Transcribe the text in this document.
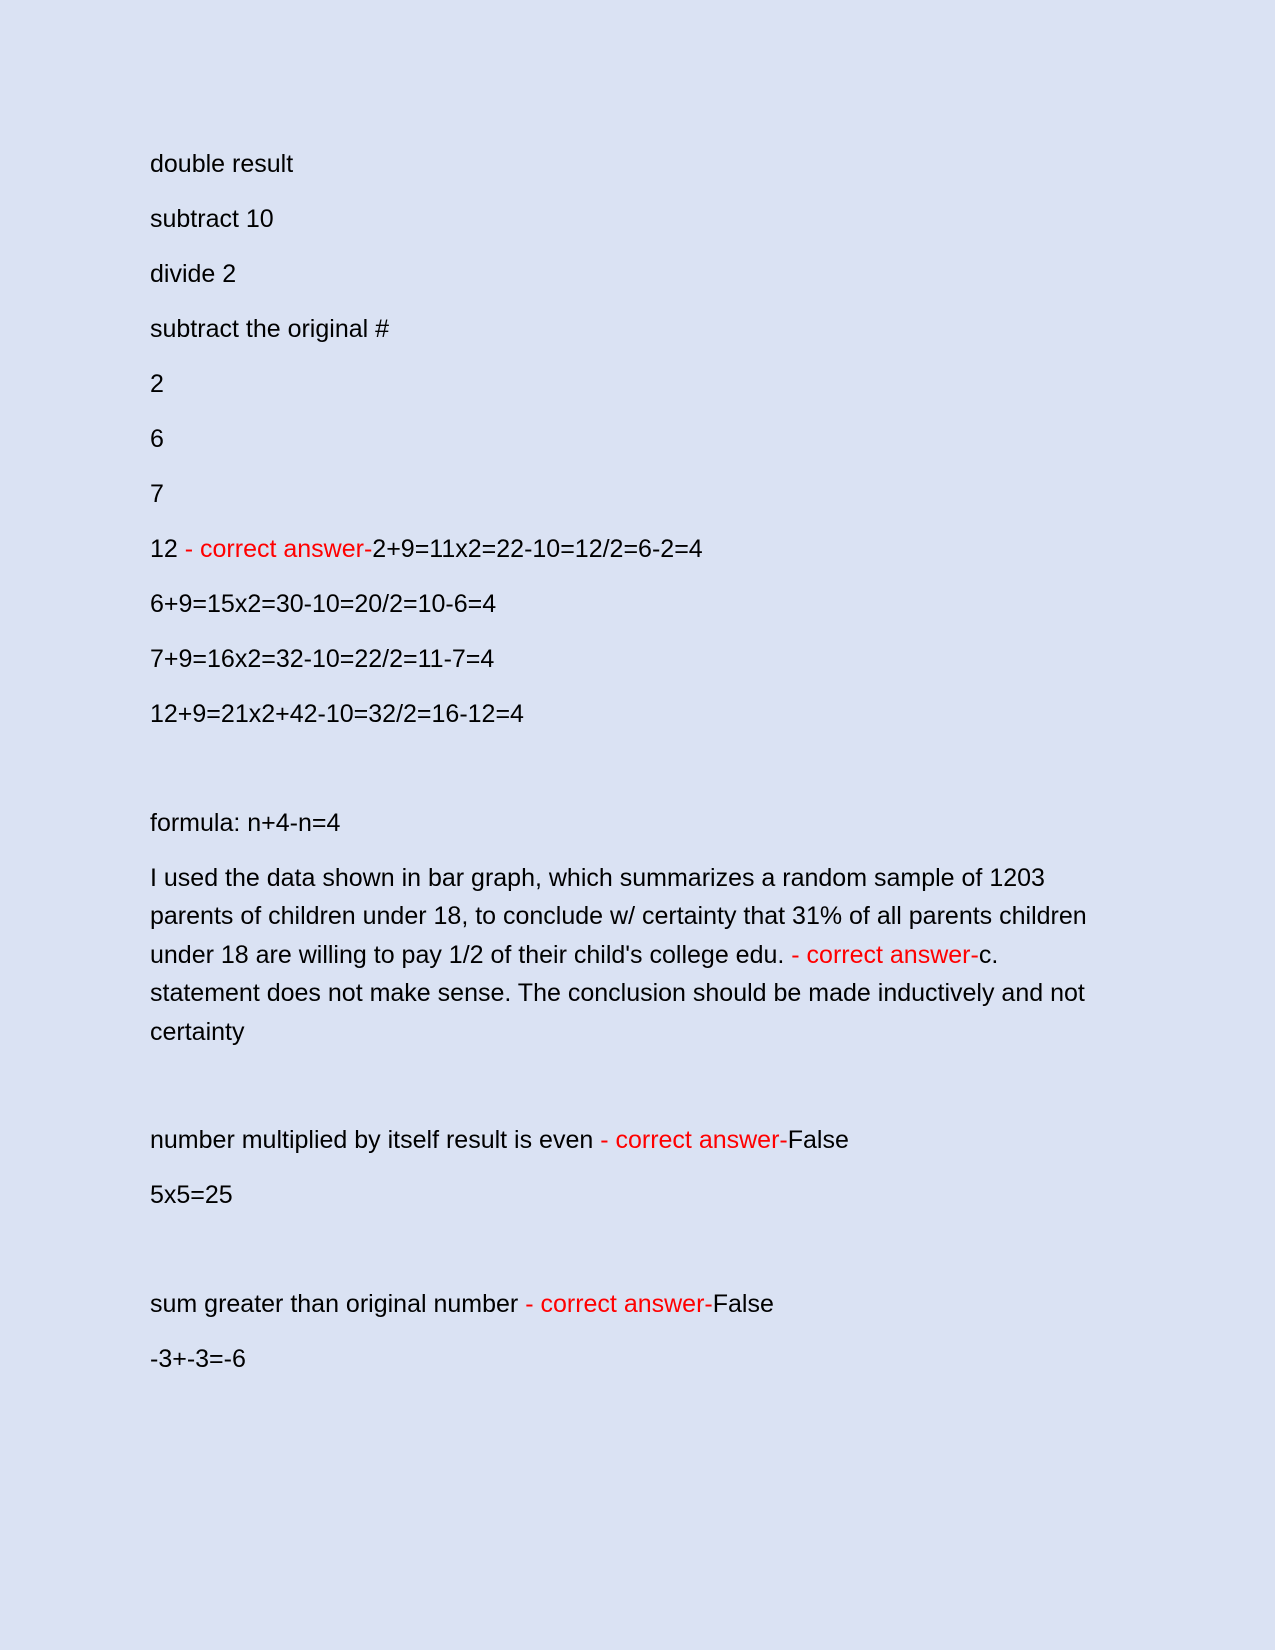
double result
subtract 10
divide 2
subtract the original #
2
6
7
12 - correct answer-2+9=11x2=22-10=12/2=6-2=4
6+9=15x2=30-10=20/2=10-6=4
7+9=16x2=32-10=22/2=11-7=4
12+9=21x2+42-10=32/2=16-12=4
formula: n+4-n=4
I used the data shown in bar graph, which summarizes a random sample of 1203 parents of children under 18, to conclude w/ certainty that 31% of all parents children under 18 are willing to pay 1/2 of their child's college edu. - correct answer-c. statement does not make sense. The conclusion should be made inductively and not certainty
number multiplied by itself result is even - correct answer-False
5x5=25
sum greater than original number - correct answer-False
-3+-3=-6
